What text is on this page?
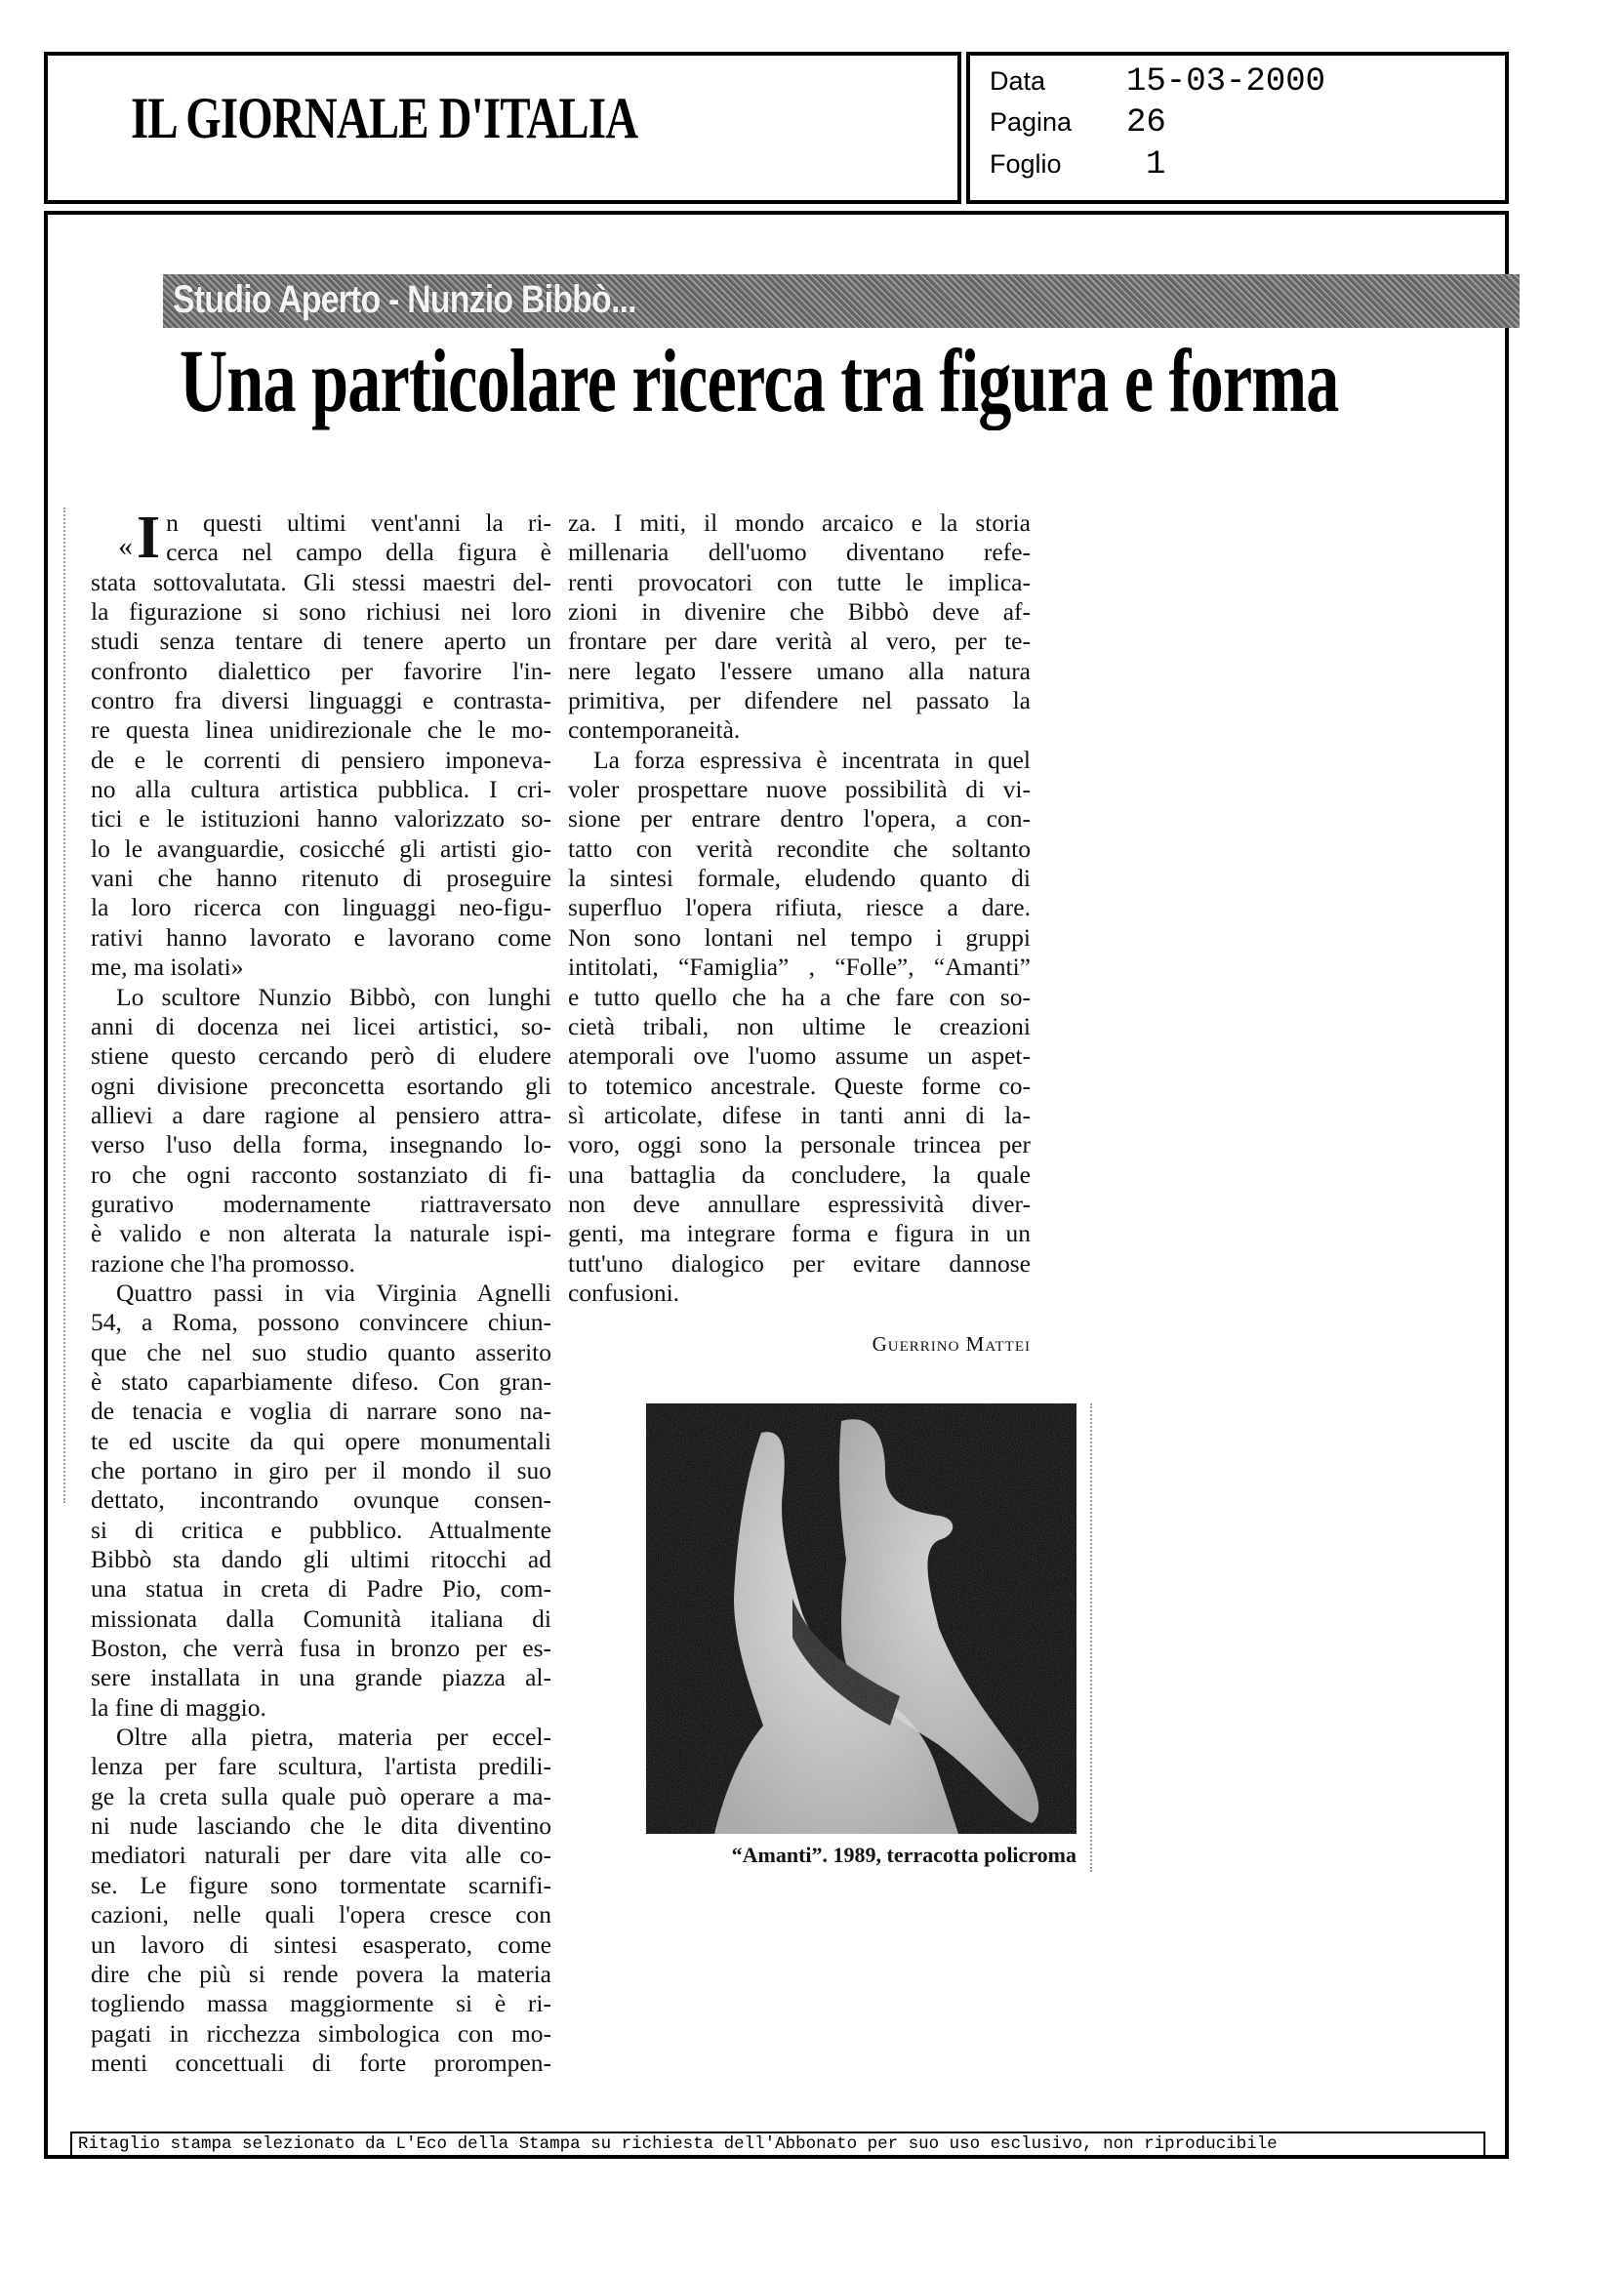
IL GIORNALE D'ITALIA
Data	15-03-2000
Pagina	26
Foglio	1
Studio Aperto - Nunzio Bibbò...
Una particolare ricerca tra figura e forma
« I n questi ultimi vent'anni la ri-
cerca nel campo della figura è
stata sottovalutata. Gli stessi maestri del-
la figurazione si sono richiusi nei loro
studi senza tentare di tenere aperto un
confronto dialettico per favorire l'in-
contro fra diversi linguaggi e contrasta-
re questa linea unidirezionale che le mo-
de e le correnti di pensiero imponeva-
no alla cultura artistica pubblica. I cri-
tici e le istituzioni hanno valorizzato so-
lo le avanguardie, cosicché gli artisti gio-
vani che hanno ritenuto di proseguire
la loro ricerca con linguaggi neo-figu-
rativi hanno lavorato e lavorano come
me, ma isolati»
Lo scultore Nunzio Bibbò, con lunghi
anni di docenza nei licei artistici, so-
stiene questo cercando però di eludere
ogni divisione preconcetta esortando gli
allievi a dare ragione al pensiero attra-
verso l'uso della forma, insegnando lo-
ro che ogni racconto sostanziato di fi-
gurativo modernamente riattraversato
è valido e non alterata la naturale ispi-
razione che l'ha promosso.
Quattro passi in via Virginia Agnelli
54, a Roma, possono convincere chiun-
que che nel suo studio quanto asserito
è stato caparbiamente difeso. Con gran-
de tenacia e voglia di narrare sono na-
te ed uscite da qui opere monumentali
che portano in giro per il mondo il suo
dettato, incontrando ovunque consen-
si di critica e pubblico. Attualmente
Bibbò sta dando gli ultimi ritocchi ad
una statua in creta di Padre Pio, com-
missionata dalla Comunità italiana di
Boston, che verrà fusa in bronzo per es-
sere installata in una grande piazza al-
la fine di maggio.
Oltre alla pietra, materia per eccel-
lenza per fare scultura, l'artista predili-
ge la creta sulla quale può operare a ma-
ni nude lasciando che le dita diventino
mediatori naturali per dare vita alle co-
se. Le figure sono tormentate scarnifi-
cazioni, nelle quali l'opera cresce con
un lavoro di sintesi esasperato, come
dire che più si rende povera la materia
togliendo massa maggiormente si è ri-
pagati in ricchezza simbologica con mo-
menti concettuali di forte prorompen-
za. I miti, il mondo arcaico e la storia
millenaria dell'uomo diventano refe-
renti provocatori con tutte le implica-
zioni in divenire che Bibbò deve af-
frontare per dare verità al vero, per te-
nere legato l'essere umano alla natura
primitiva, per difendere nel passato la
contemporaneità.
La forza espressiva è incentrata in quel
voler prospettare nuove possibilità di vi-
sione per entrare dentro l'opera, a con-
tatto con verità recondite che soltanto
la sintesi formale, eludendo quanto di
superfluo l'opera rifiuta, riesce a dare.
Non sono lontani nel tempo i gruppi
intitolati, “Famiglia” , “Folle”, “Amanti”
e tutto quello che ha a che fare con so-
cietà tribali, non ultime le creazioni
atemporali ove l'uomo assume un aspet-
to totemico ancestrale. Queste forme co-
sì articolate, difese in tanti anni di la-
voro, oggi sono la personale trincea per
una battaglia da concludere, la quale
non deve annullare espressività diver-
genti, ma integrare forma e figura in un
tutt'uno dialogico per evitare dannose
confusioni.
Guerrino Mattei
“Amanti”. 1989, terracotta policroma
Ritaglio stampa selezionato da L'Eco della Stampa su richiesta dell'Abbonato per suo uso esclusivo, non riproducibile
